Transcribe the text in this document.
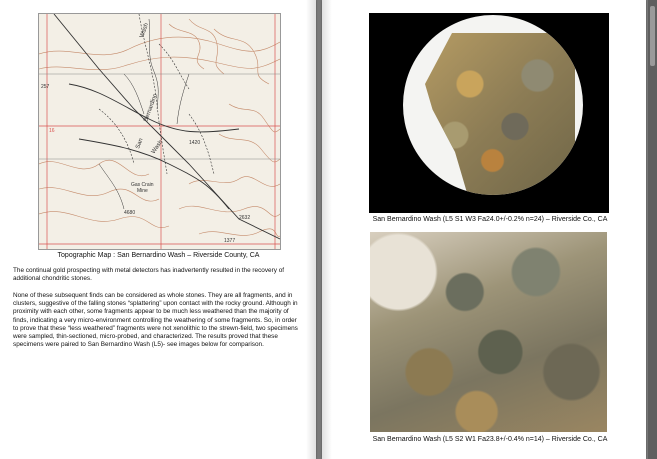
Wash
Bernardino
San Wash
Gas Crain
Mine
16
257
1420
4680
2632
1377
Topographic Map : San Bernardino Wash – Riverside County, CA
The continual gold prospecting with metal detectors has inadvertently resulted in the recovery of additional chondritic stones.
None of these subsequent finds can be considered as whole stones. They are all fragments, and in clusters, suggestive of the falling stones “splattering” upon contact with the rocky ground. Although in proximity with each other, some fragments appear to be much less weathered than the majority of finds, indicating a very micro-environment controlling the weathering of some fragments. So, in order to prove that these “less weathered” fragments were not xenolithic to the strewn-field, two specimens were sampled, thin-sectioned, micro-probed, and characterized. The results proved that these specimens were paired to San Bernardino Wash (L5)- see images below for comparison.
San Bernardino Wash (L5 S1 W3 Fa24.0+/-0.2% n=24) – Riverside Co., CA
San Bernardino Wash (L5 S2 W1 Fa23.8+/-0.4% n=14) – Riverside Co., CA
